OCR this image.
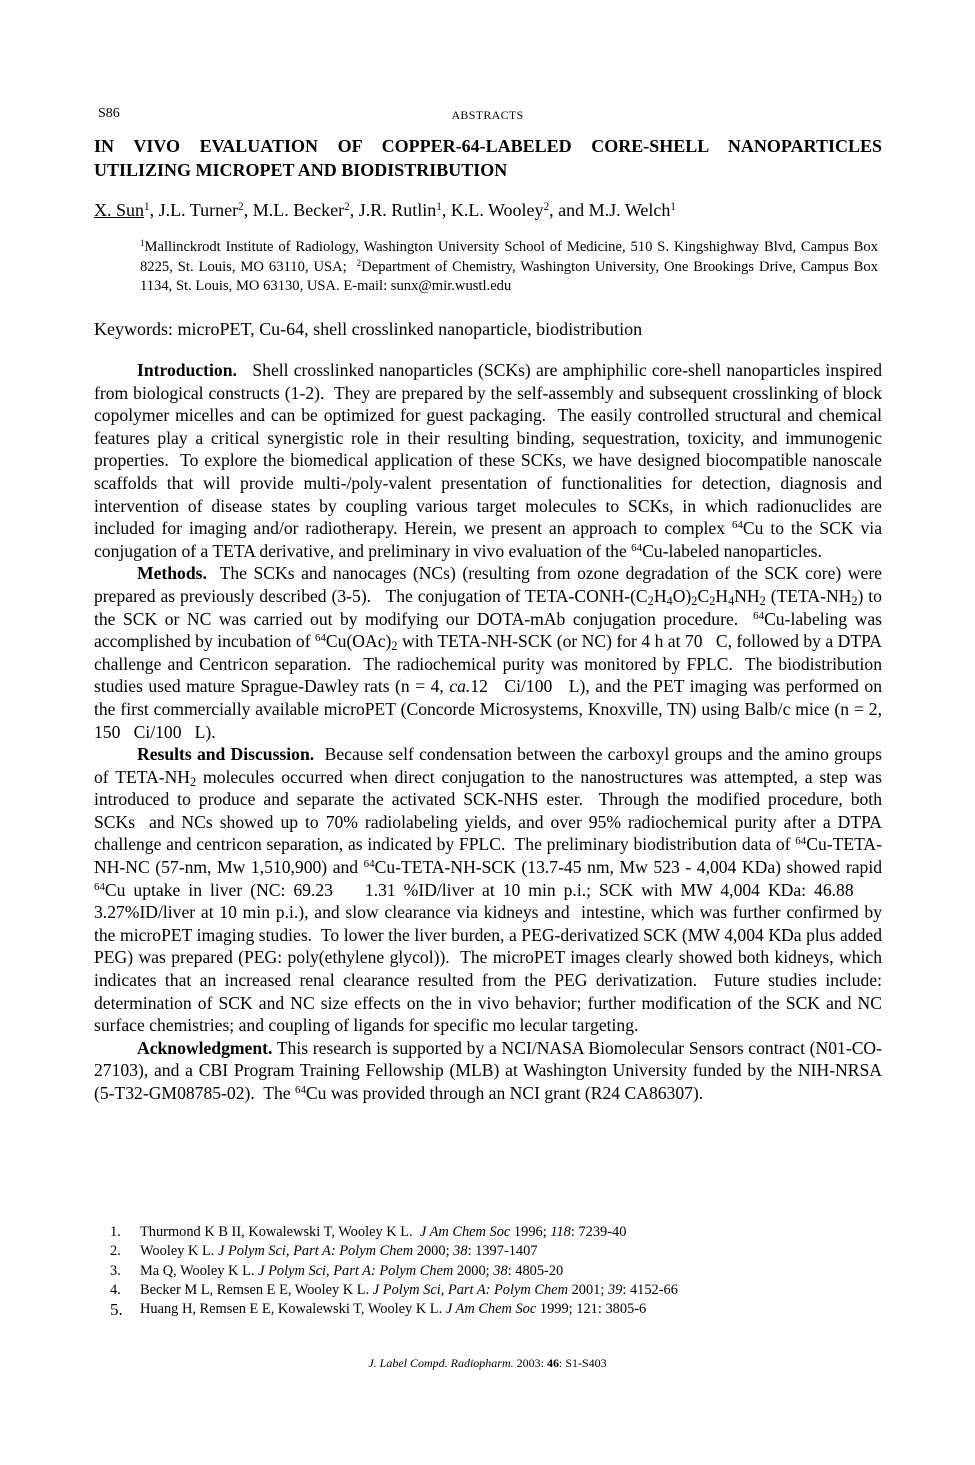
S86	ABSTRACTS
IN VIVO EVALUATION OF COPPER-64-LABELED CORE-SHELL NANOPARTICLES UTILIZING MICROPET AND BIODISTRIBUTION
X. Sun$^1$, J.L. Turner$^2$, M.L. Becker$^2$, J.R. Rutlin$^1$, K.L. Wooley$^2$, and M.J. Welch$^1$
$^1$Mallinckrodt Institute of Radiology, Washington University School of Medicine, 510 S. Kingshighway Blvd, Campus Box 8225, St. Louis, MO 63110, USA; $^2$Department of Chemistry, Washington University, One Brookings Drive, Campus Box 1134, St. Louis, MO 63130, USA. E-mail: sunx@mir.wustl.edu
Keywords: microPET, Cu-64, shell crosslinked nanoparticle, biodistribution

Introduction.   Shell crosslinked nanoparticles (SCKs) are amphiphilic core-shell nanoparticles inspired from biological constructs (1-2).  They are prepared by the self-assembly and subsequent crosslinking of block copolymer micelles and can be optimized for guest packaging.  The easily controlled structural and chemical features play a critical synergistic role in their resulting binding, sequestration, toxicity, and immunogenic properties.  To explore the biomedical application of these SCKs, we have designed biocompatible nanoscale scaffolds that will provide multi-/poly-valent presentation of functionalities for detection, diagnosis and intervention of disease states by coupling various target molecules to SCKs, in which radionuclides are included for imaging and/or radiotherapy. Herein, we present an approach to complex $^{64}$Cu to the SCK via conjugation of a TETA derivative, and preliminary in vivo evaluation of the $^{64}$Cu-labeled nanoparticles.

Methods.  The SCKs and nanocages (NCs) (resulting from ozone degradation of the SCK core) were prepared as previously described (3-5).   The conjugation of TETA-$CONH-(C_2H_4O)_2C_2H_4NH_2$ $(TETA-NH_2)$ to the SCK or NC was carried out by modifying our DOTA-mAb conjugation procedure.  $^{64}$Cu-labeling was accomplished by incubation of $^{64}Cu(OAc)_2$ with TETA-NH-SCK (or NC) for 4 h at 70   C, followed by a DTPA challenge and Centricon separation.  The radiochemical purity was monitored by FPLC.  The biodistribution studies used mature Sprague-Dawley rats (n = 4, ca.12   Ci/100   L), and the PET imaging was performed on the first commercially available microPET (Concorde Microsystems, Knoxville, TN) using Balb/c mice (n = 2, 150   Ci/100   L).

Results and Discussion.  Because self condensation between the carboxyl groups and the amino groups of TETA-$NH_2$ molecules occurred when direct conjugation to the nanostructures was attempted, a step was introduced to produce and separate the activated SCK-NHS ester.  Through the modified procedure, both SCKs  and NCs showed up to 70% radiolabeling yields, and over 95% radiochemical purity after a DTPA challenge and centricon separation, as indicated by FPLC.  The preliminary biodistribution data of $^{64}$Cu-TETA-NH-NC (57-nm, Mw 1,510,900) and $^{64}$Cu-TETA-NH-SCK (13.7-45 nm, Mw 523 - 4,004 KDa) showed rapid $^{64}$Cu uptake in liver (NC: 69.23    1.31 %ID/liver at 10 min p.i.; SCK with MW 4,004 KDa: 46.88     3.27%ID/liver at 10 min p.i.), and slow clearance via kidneys and  intestine, which was further confirmed by the microPET imaging studies.  To lower the liver burden, a PEG-derivatized SCK (MW 4,004 KDa plus added PEG) was prepared (PEG: poly(ethylene glycol)).  The microPET images clearly showed both kidneys, which indicates that an increased renal clearance resulted from the PEG derivatization.  Future studies include: determination of SCK and NC size effects on the in vivo behavior; further modification of the SCK and NC surface chemistries; and coupling of ligands for specific mo lecular targeting.

Acknowledgment. This research is supported by a NCI/NASA Biomolecular Sensors contract (N01-CO-27103), and a CBI Program Training Fellowship (MLB) at Washington University funded by the NIH-NRSA (5-T32-GM08785-02).  The $^{64}$Cu was provided through an NCI grant (R24 CA86307).

1.	Thurmond K B II, Kowalewski T, Wooley K L. J Am Chem Soc 1996; 118: 7239-40
2.	Wooley K L. J Polym Sci, Part A: Polym Chem 2000; 38: 1397-1407
3.	Ma Q, Wooley K L. J Polym Sci, Part A: Polym Chem 2000; 38: 4805-20
4.	Becker M L, Remsen E E, Wooley K L. J Polym Sci, Part A: Polym Chem 2001; 39: 4152-66
5.	Huang H, Remsen E E, Kowalewski T, Wooley K L. J Am Chem Soc 1999; 121: 3805-6
J. Label Compd. Radiopharm. 2003: 46: S1-S403
